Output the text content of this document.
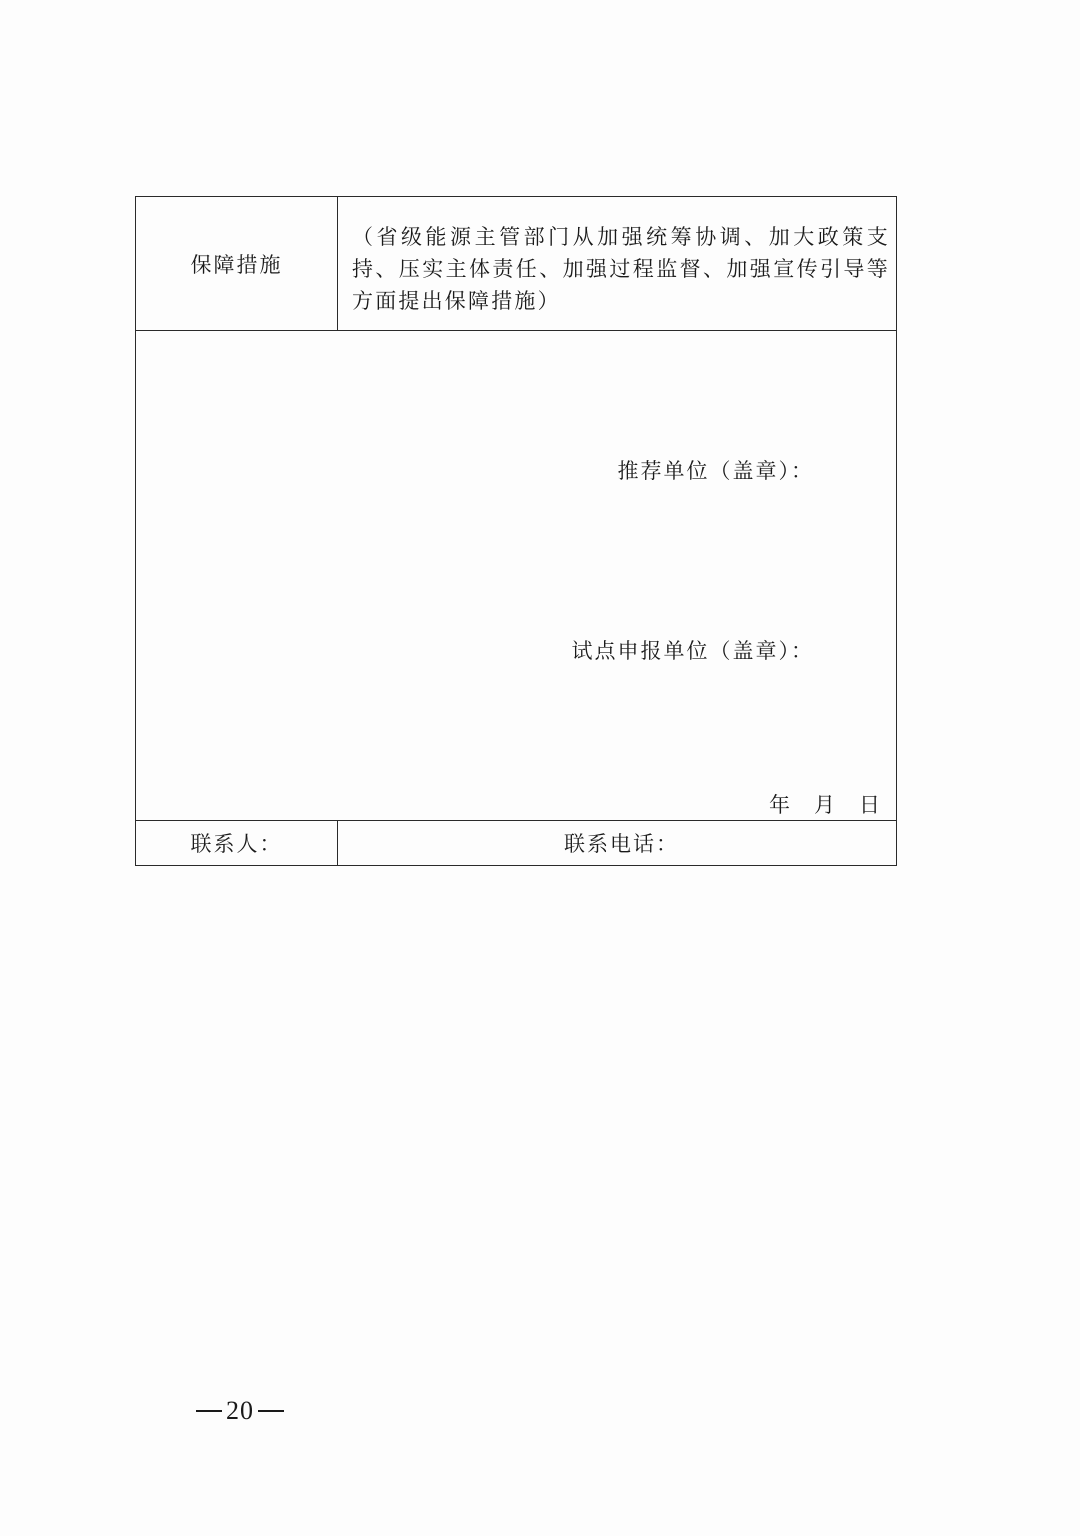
保障措施
（省级能源主管部门从加强统筹协调、加大政策支持、压实主体责任、加强过程监督、加强宣传引导等方面提出保障措施）
推荐单位（盖章）：
试点申报单位（盖章）：
年 月 日
联系人：	联系电话：
20
